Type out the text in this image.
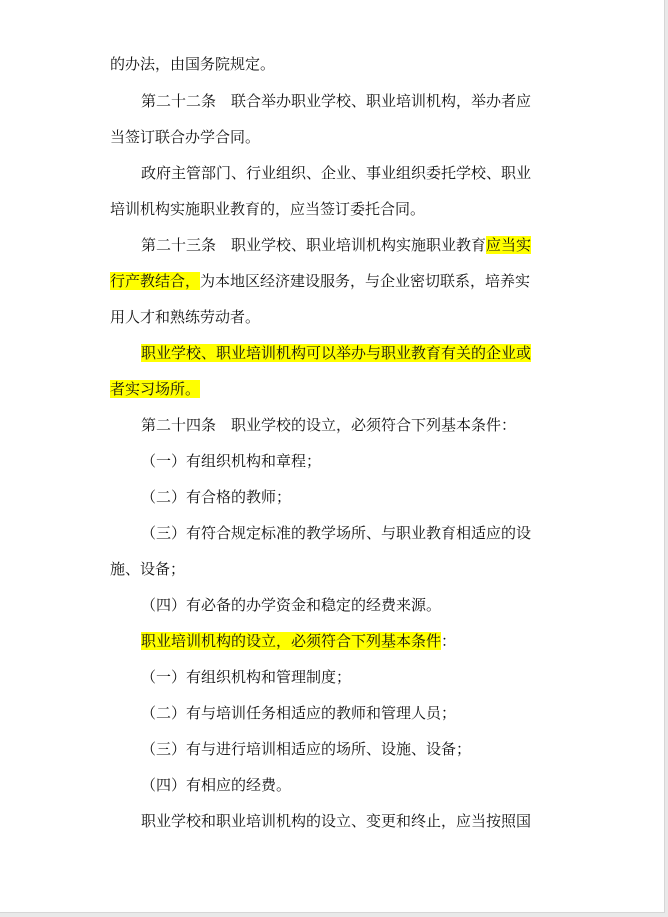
的办法，由国务院规定。
第二十二条　联合举办职业学校、职业培训机构，举办者应
当签订联合办学合同。
政府主管部门、行业组织、企业、事业组织委托学校、职业
培训机构实施职业教育的，应当签订委托合同。
第二十三条　职业学校、职业培训机构实施职业教育应当实
行产教结合，为本地区经济建设服务，与企业密切联系，培养实
用人才和熟练劳动者。
职业学校、职业培训机构可以举办与职业教育有关的企业或
者实习场所。
第二十四条　职业学校的设立，必须符合下列基本条件：
（一）有组织机构和章程；
（二）有合格的教师；
（三）有符合规定标准的教学场所、与职业教育相适应的设
施、设备；
（四）有必备的办学资金和稳定的经费来源。
职业培训机构的设立，必须符合下列基本条件：
（一）有组织机构和管理制度；
（二）有与培训任务相适应的教师和管理人员；
（三）有与进行培训相适应的场所、设施、设备；
（四）有相应的经费。
职业学校和职业培训机构的设立、变更和终止，应当按照国
